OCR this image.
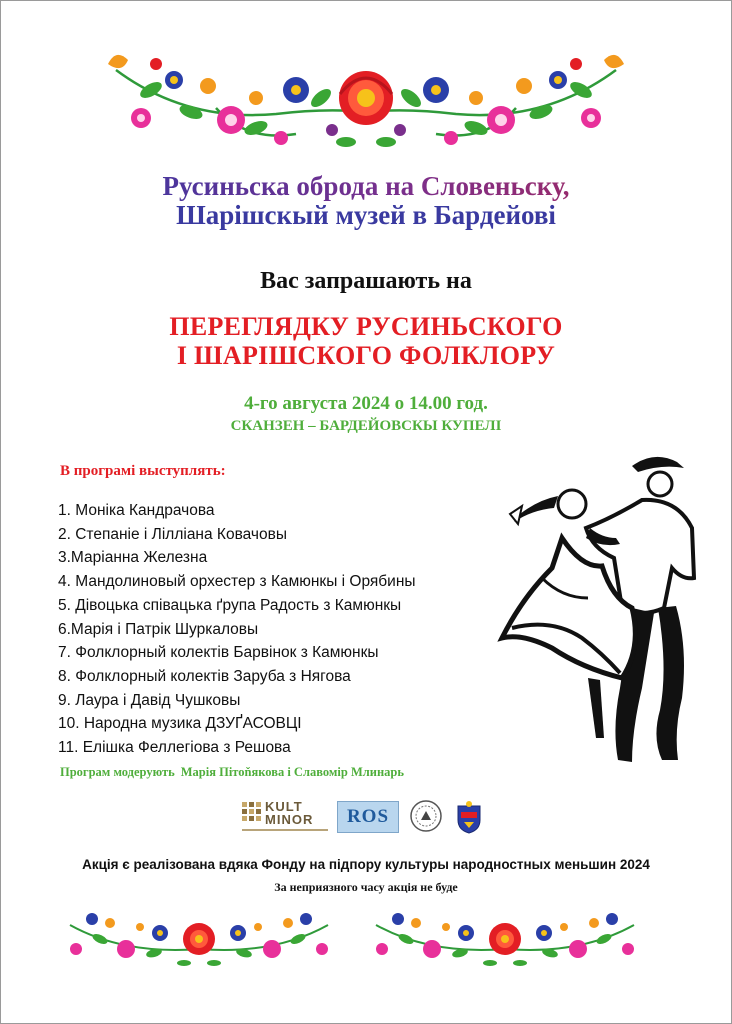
Русиньска оброда на Словеньску,
Шарішскый музей в Бардейові
Вас запрашають на
ПЕРЕГЛЯДКУ РУСИНЬСКОГО
І ШАРІШСКОГО ФОЛКЛОРУ
4-го августа 2024 о 14.00 год.
СКАНЗЕН – БАРДЕЙОВСКЫ КУПЕЛІ
В програмі выступлять:
1. Моніка Кандрачова
2. Степаніе і Лілліана Ковачовы
3.Маріанна Железна
4. Мандолиновый орхестер з Камюнкы і Орябины
5. Дівоцька співацька ґрупа Радость з Камюнкы
6.Марія і Патрік Шуркаловы
7. Фолклорный колектів Барвінок з Камюнкы
8. Фолклорный колектів Заруба з Нягова
9. Лаура і Давід Чушковы
10. Народна музика ДЗУҐАСОВЦІ
11. Елішка Феллегіова з Решова
Програм модерують Марія Пітоňякова і Славомір Млинарь
KULT
MINOR	ROS
Акція є реалізована вдяка Фонду на підпору культуры народностных меньшин 2024
За неприязного часу акція не буде
